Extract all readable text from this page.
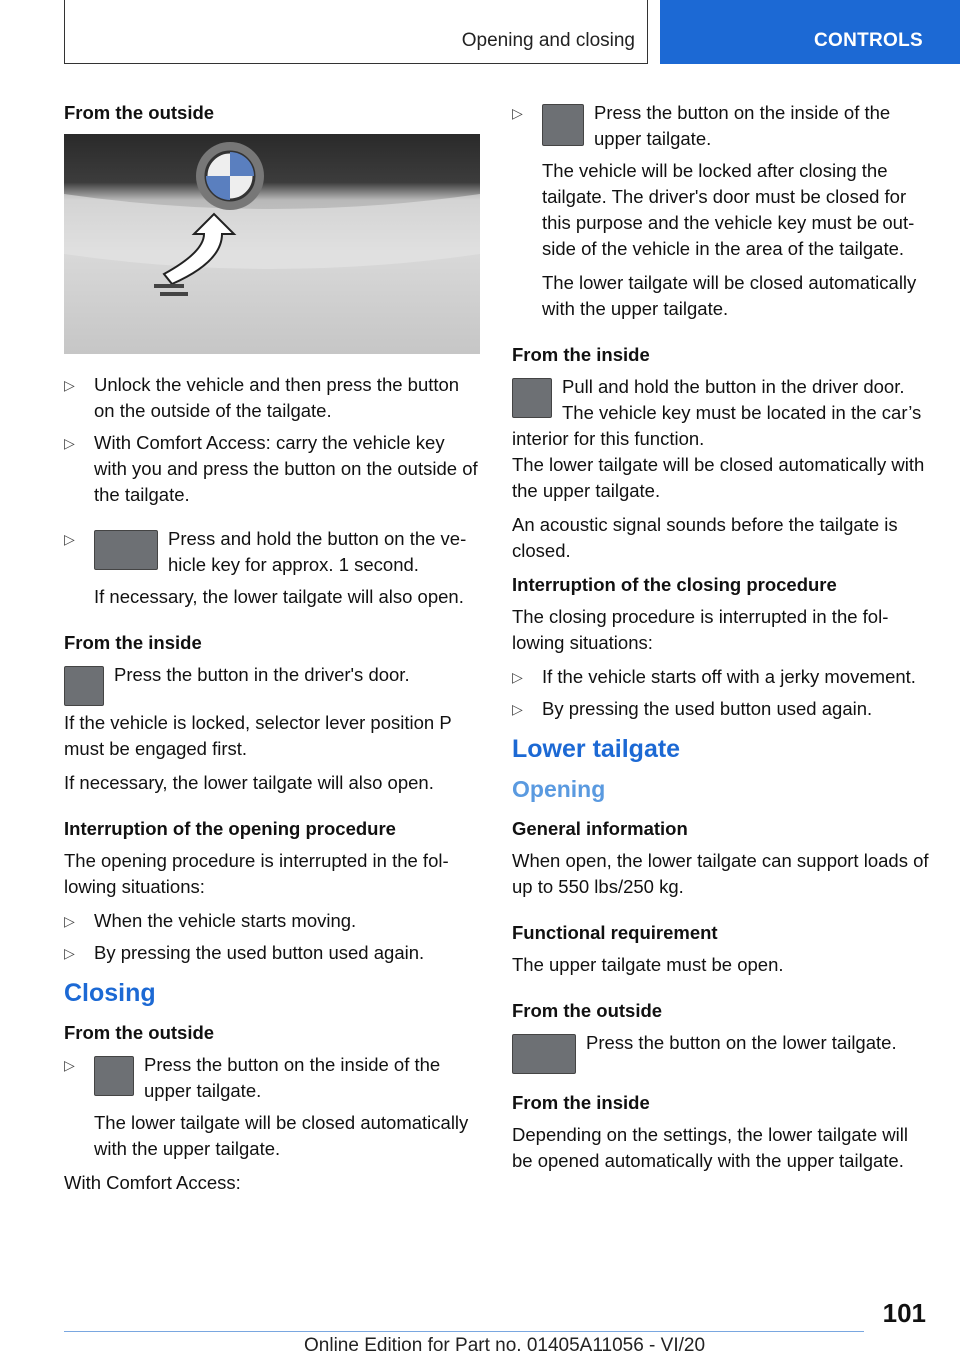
Opening and closing	CONTROLS
From the outside
▷ Unlock the vehicle and then press the button on the outside of the tailgate.
▷ With Comfort Access: carry the vehicle key with you and press the button on the outside of the tailgate.
▷ Press and hold the button on the ve- hicle key for approx. 1 second.

If necessary, the lower tailgate will also open.

From the inside
Press the button in the driver's door.

If the vehicle is locked, selector lever position P must be engaged first.

If necessary, the lower tailgate will also open.

Interruption of the opening procedure

The opening procedure is interrupted in the fol- lowing situations:

▷ When the vehicle starts moving.
▷ By pressing the used button used again.
Closing
From the outside
▷ Press the button on the inside of the upper tailgate.

The lower tailgate will be closed automatically with the upper tailgate.

With Comfort Access:

▷ Press the button on the inside of the upper tailgate.

The vehicle will be locked after closing the tailgate. The driver's door must be closed for this purpose and the vehicle key must be out- side of the vehicle in the area of the tailgate.

The lower tailgate will be closed automatically with the upper tailgate.

From the inside
Pull and hold the button in the driver door. The vehicle key must be located in the car’s interior for this function.

The lower tailgate will be closed automatically with the upper tailgate.

An acoustic signal sounds before the tailgate is closed.

Interruption of the closing procedure

The closing procedure is interrupted in the fol- lowing situations:

▷ If the vehicle starts off with a jerky movement.
▷ By pressing the used button used again.
Lower tailgate
Opening
General information

When open, the lower tailgate can support loads of up to 550 lbs/250 kg.

Functional requirement

The upper tailgate must be open.

From the outside
Press the button on the lower tailgate.
From the inside

Depending on the settings, the lower tailgate will be opened automatically with the upper tailgate.

101
Online Edition for Part no. 01405A11056 - VI/20
